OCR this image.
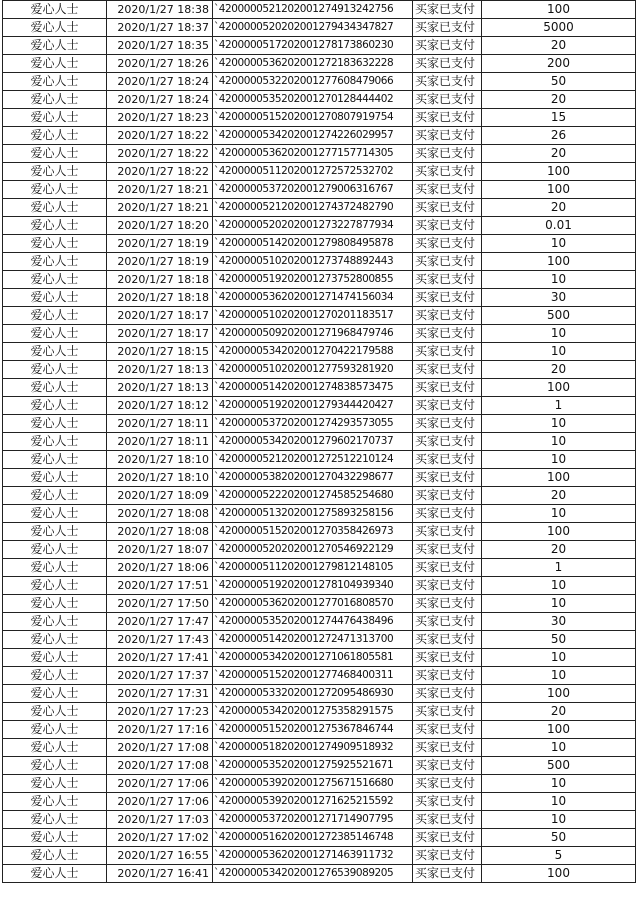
爱心人士	2020/1/27 18:38	`4200000521202001274913242756	买家已支付	100
爱心人士	2020/1/27 18:37	`4200000520202001279434347827	买家已支付	5000
爱心人士	2020/1/27 18:35	`4200000517202001278173860230	买家已支付	20
爱心人士	2020/1/27 18:26	`4200000536202001272183632228	买家已支付	200
爱心人士	2020/1/27 18:24	`4200000532202001277608479066	买家已支付	50
爱心人士	2020/1/27 18:24	`4200000535202001270128444402	买家已支付	20
爱心人士	2020/1/27 18:23	`4200000515202001270807919754	买家已支付	15
爱心人士	2020/1/27 18:22	`4200000534202001274226029957	买家已支付	26
爱心人士	2020/1/27 18:22	`4200000536202001277157714305	买家已支付	20
爱心人士	2020/1/27 18:22	`4200000511202001272572532702	买家已支付	100
爱心人士	2020/1/27 18:21	`4200000537202001279006316767	买家已支付	100
爱心人士	2020/1/27 18:21	`4200000521202001274372482790	买家已支付	20
爱心人士	2020/1/27 18:20	`4200000520202001273227877934	买家已支付	0.01
爱心人士	2020/1/27 18:19	`4200000514202001279808495878	买家已支付	10
爱心人士	2020/1/27 18:19	`4200000510202001273748892443	买家已支付	100
爱心人士	2020/1/27 18:18	`4200000519202001273752800855	买家已支付	10
爱心人士	2020/1/27 18:18	`4200000536202001271474156034	买家已支付	30
爱心人士	2020/1/27 18:17	`4200000510202001270201183517	买家已支付	500
爱心人士	2020/1/27 18:17	`4200000509202001271968479746	买家已支付	10
爱心人士	2020/1/27 18:15	`4200000534202001270422179588	买家已支付	10
爱心人士	2020/1/27 18:13	`4200000510202001277593281920	买家已支付	20
爱心人士	2020/1/27 18:13	`4200000514202001274838573475	买家已支付	100
爱心人士	2020/1/27 18:12	`4200000519202001279344420427	买家已支付	1
爱心人士	2020/1/27 18:11	`4200000537202001274293573055	买家已支付	10
爱心人士	2020/1/27 18:11	`4200000534202001279602170737	买家已支付	10
爱心人士	2020/1/27 18:10	`4200000521202001272512210124	买家已支付	10
爱心人士	2020/1/27 18:10	`4200000538202001270432298677	买家已支付	100
爱心人士	2020/1/27 18:09	`4200000522202001274585254680	买家已支付	20
爱心人士	2020/1/27 18:08	`4200000513202001275893258156	买家已支付	10
爱心人士	2020/1/27 18:08	`4200000515202001270358426973	买家已支付	100
爱心人士	2020/1/27 18:07	`4200000520202001270546922129	买家已支付	20
爱心人士	2020/1/27 18:06	`4200000511202001279812148105	买家已支付	1
爱心人士	2020/1/27 17:51	`4200000519202001278104939340	买家已支付	10
爱心人士	2020/1/27 17:50	`4200000536202001277016808570	买家已支付	10
爱心人士	2020/1/27 17:47	`4200000535202001274476438496	买家已支付	30
爱心人士	2020/1/27 17:43	`4200000514202001272471313700	买家已支付	50
爱心人士	2020/1/27 17:41	`4200000534202001271061805581	买家已支付	10
爱心人士	2020/1/27 17:37	`4200000515202001277468400311	买家已支付	10
爱心人士	2020/1/27 17:31	`4200000533202001272095486930	买家已支付	100
爱心人士	2020/1/27 17:23	`4200000534202001275358291575	买家已支付	20
爱心人士	2020/1/27 17:16	`4200000515202001275367846744	买家已支付	100
爱心人士	2020/1/27 17:08	`4200000518202001274909518932	买家已支付	10
爱心人士	2020/1/27 17:08	`4200000535202001275925521671	买家已支付	500
爱心人士	2020/1/27 17:06	`4200000539202001275671516680	买家已支付	10
爱心人士	2020/1/27 17:06	`4200000539202001271625215592	买家已支付	10
爱心人士	2020/1/27 17:03	`4200000537202001271714907795	买家已支付	10
爱心人士	2020/1/27 17:02	`4200000516202001272385146748	买家已支付	50
爱心人士	2020/1/27 16:55	`4200000536202001271463911732	买家已支付	5
爱心人士	2020/1/27 16:41	`4200000534202001276539089205	买家已支付	100
